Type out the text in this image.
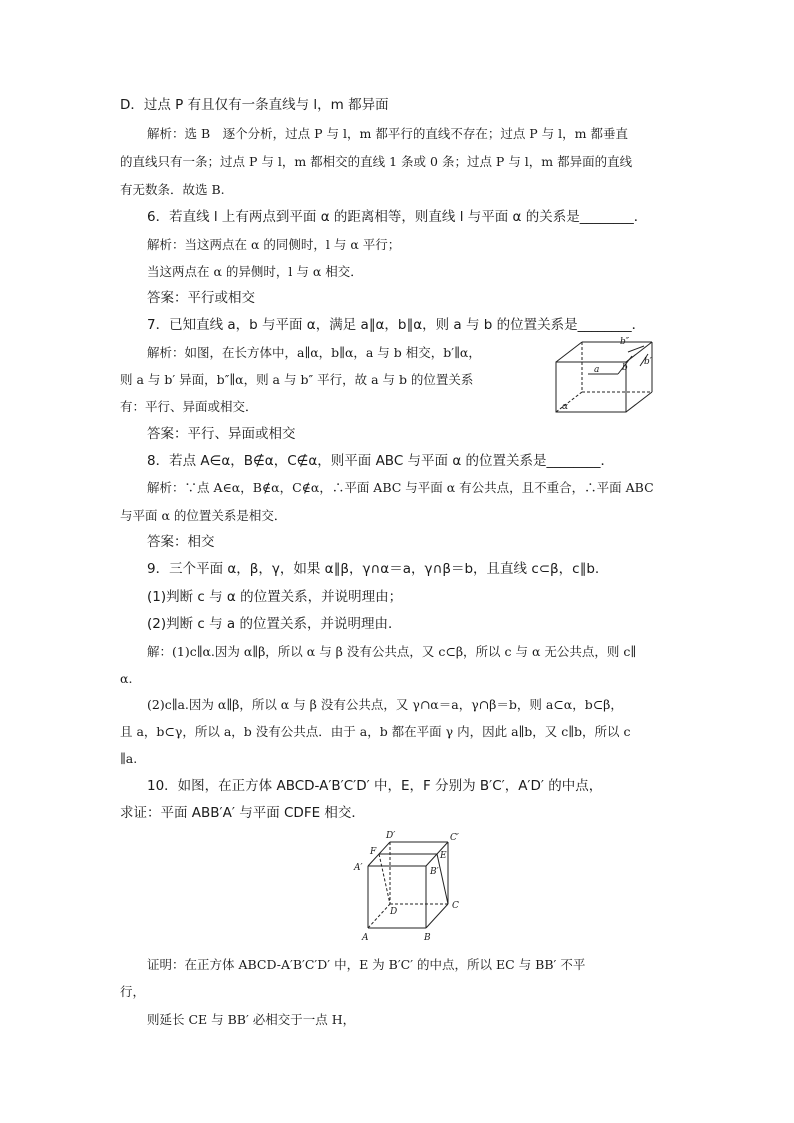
D．过点 P 有且仅有一条直线与 l，m 都异面
解析：选 B　逐个分析，过点 P 与 l，m 都平行的直线不存在；过点 P 与 l，m 都垂直
的直线只有一条；过点 P 与 l，m 都相交的直线 1 条或 0 条；过点 P 与 l，m 都异面的直线
有无数条．故选 B.
6．若直线 l 上有两点到平面 α 的距离相等，则直线 l 与平面 α 的关系是________．
解析：当这两点在 α 的同侧时，l 与 α 平行；
当这两点在 α 的异侧时，l 与 α 相交．
答案：平行或相交
7．已知直线 a，b 与平面 α，满足 a∥α，b∥α，则 a 与 b 的位置关系是________．
解析：如图，在长方体中，a∥α，b∥α，a 与 b 相交，b′∥α，
则 a 与 b′ 异面，b″∥α，则 a 与 b″ 平行，故 a 与 b 的位置关系
有：平行、异面或相交．
答案：平行、异面或相交
a	b
b′
b″
α
8．若点 A∈α，B∉α，C∉α，则平面 ABC 与平面 α 的位置关系是________．
解析：∵点 A∈α，B∉α，C∉α，∴平面 ABC 与平面 α 有公共点，且不重合，∴平面 ABC
与平面 α 的位置关系是相交．
答案：相交
9．三个平面 α，β，γ，如果 α∥β，γ∩α＝a，γ∩β＝b，且直线 c⊂β，c∥b.
(1)判断 c 与 α 的位置关系，并说明理由；
(2)判断 c 与 a 的位置关系，并说明理由．
解：(1)c∥α.因为 α∥β，所以 α 与 β 没有公共点，又 c⊂β，所以 c 与 α 无公共点，则 c∥
α.
(2)c∥a.因为 α∥β，所以 α 与 β 没有公共点，又 γ∩α＝a，γ∩β＝b，则 a⊂α，b⊂β，
且 a，b⊂γ，所以 a，b 没有公共点．由于 a，b 都在平面 γ 内，因此 a∥b，又 c∥b，所以 c
∥a.
10．如图，在正方体 ABCD-A′B′C′D′ 中，E，F 分别为 B′C′，A′D′ 的中点，
求证：平面 ABB′A′ 与平面 CDFE 相交．
D′	C′
F	E
A′	B′
D
C
A	B
证明：在正方体 ABCD-A′B′C′D′ 中，E 为 B′C′ 的中点，所以 EC 与 BB′ 不平
行，
则延长 CE 与 BB′ 必相交于一点 H，
